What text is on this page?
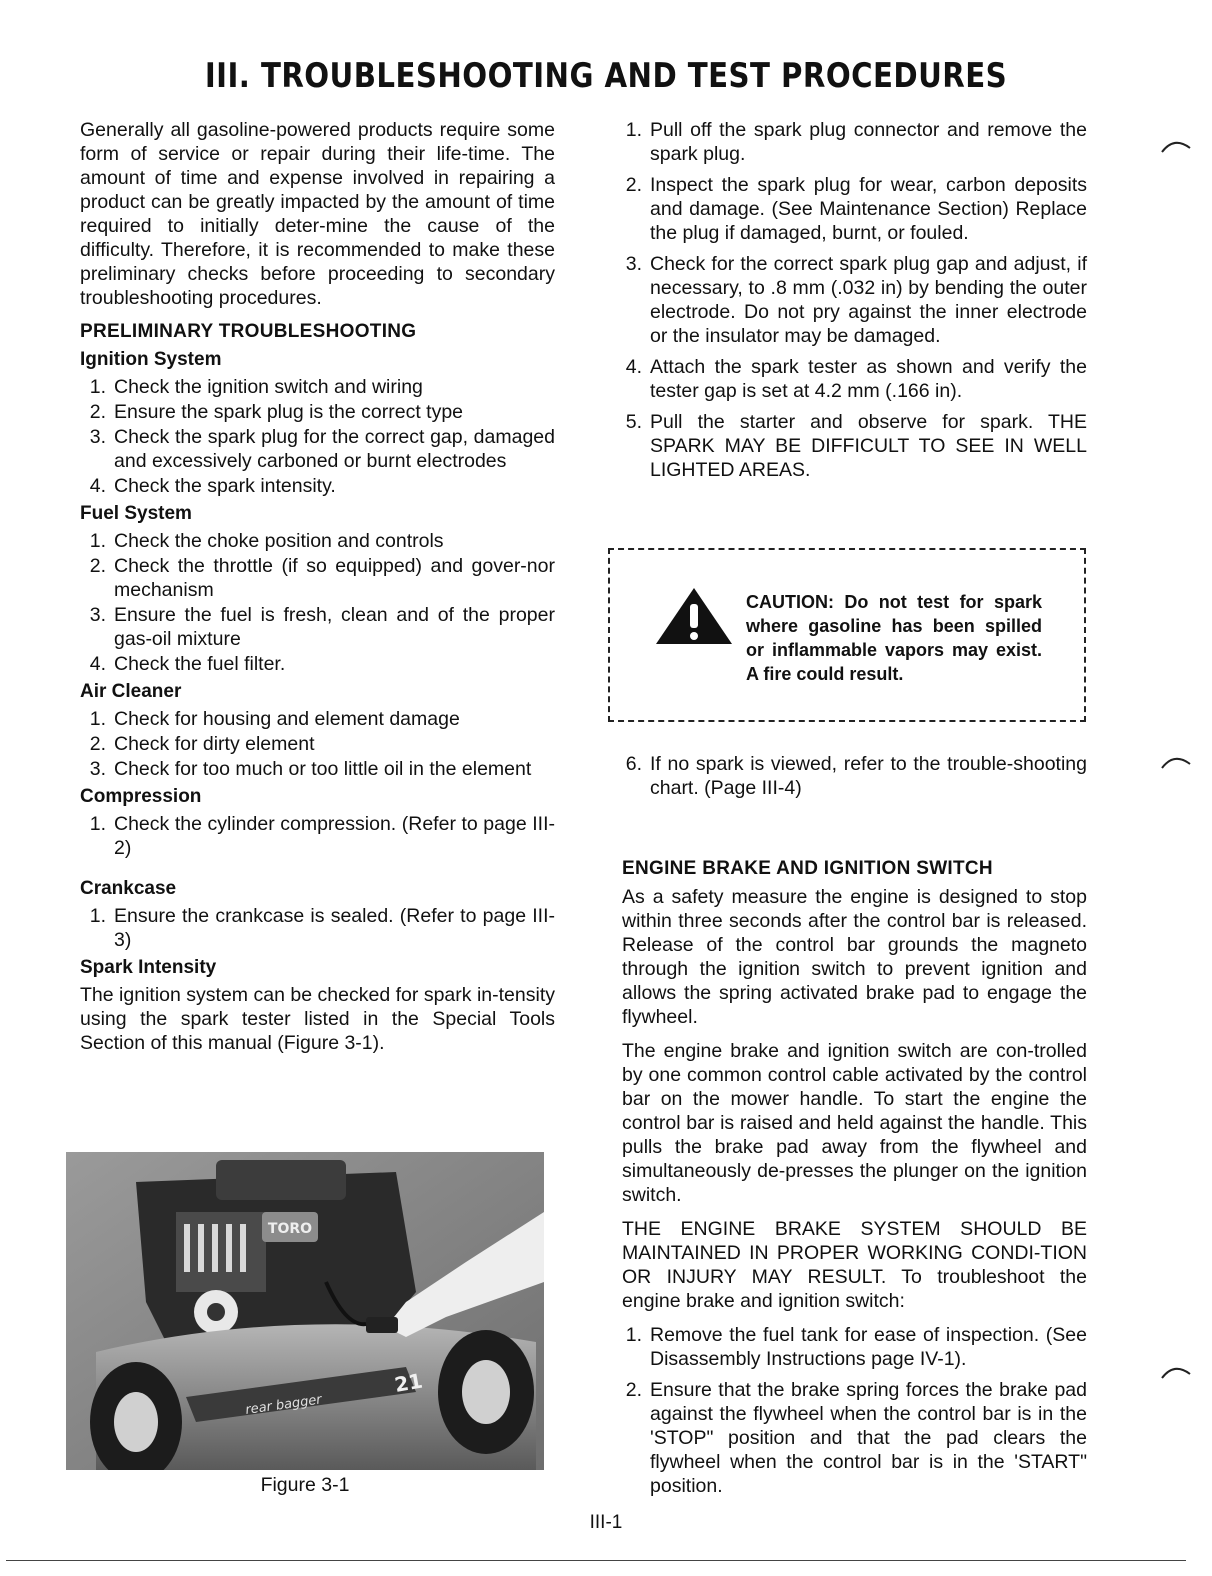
III. TROUBLESHOOTING AND TEST PROCEDURES

Generally all gasoline-powered products require some form of service or repair during their life-time. The amount of time and expense involved in repairing a product can be greatly impacted by the amount of time required to initially deter-mine the cause of the difficulty. Therefore, it is recommended to make these preliminary checks before proceeding to secondary troubleshooting procedures.

PRELIMINARY TROUBLESHOOTING
Ignition System
1. Check the ignition switch and wiring
2. Ensure the spark plug is the correct type
3. Check the spark plug for the correct gap, damaged and excessively carboned or burnt electrodes
4. Check the spark intensity.
Fuel System
1. Check the choke position and controls
2. Check the throttle (if so equipped) and gover-nor mechanism
3. Ensure the fuel is fresh, clean and of the proper gas-oil mixture
4. Check the fuel filter.
Air Cleaner
1. Check for housing and element damage
2. Check for dirty element
3. Check for too much or too little oil in the element
Compression
1. Check the cylinder compression. (Refer to page III-2)
Crankcase
1. Ensure the crankcase is sealed. (Refer to page III-3)
Spark Intensity

The ignition system can be checked for spark in-tensity using the spark tester listed in the Special Tools Section of this manual (Figure 3-1).

TORO
rear bagger
21
Figure 3-1
1. Pull off the spark plug connector and remove the spark plug.
2. Inspect the spark plug for wear, carbon deposits and damage. (See Maintenance Section) Replace the plug if damaged, burnt, or fouled.
3. Check for the correct spark plug gap and adjust, if necessary, to .8 mm (.032 in) by bending the outer electrode. Do not pry against the inner electrode or the insulator may be damaged.
4. Attach the spark tester as shown and verify the tester gap is set at 4.2 mm (.166 in).
5. Pull the starter and observe for spark. THE SPARK MAY BE DIFFICULT TO SEE IN WELL LIGHTED AREAS.

CAUTION: Do not test for spark where gasoline has been spilled or inflammable vapors may exist. A fire could result.

6. If no spark is viewed, refer to the trouble-shooting chart. (Page III-4)
ENGINE BRAKE AND IGNITION SWITCH

As a safety measure the engine is designed to stop within three seconds after the control bar is released. Release of the control bar grounds the magneto through the ignition switch to prevent ignition and allows the spring activated brake pad to engage the flywheel.

The engine brake and ignition switch are con-trolled by one common control cable activated by the control bar on the mower handle. To start the engine the control bar is raised and held against the handle. This pulls the brake pad away from the flywheel and simultaneously de-presses the plunger on the ignition switch.

THE ENGINE BRAKE SYSTEM SHOULD BE MAINTAINED IN PROPER WORKING CONDI-TION OR INJURY MAY RESULT. To troubleshoot the engine brake and ignition switch:

1. Remove the fuel tank for ease of inspection. (See Disassembly Instructions page IV-1).
2. Ensure that the brake spring forces the brake pad against the flywheel when the control bar is in the 'STOP" position and that the pad clears the flywheel when the control bar is in the 'START" position.
III-1
